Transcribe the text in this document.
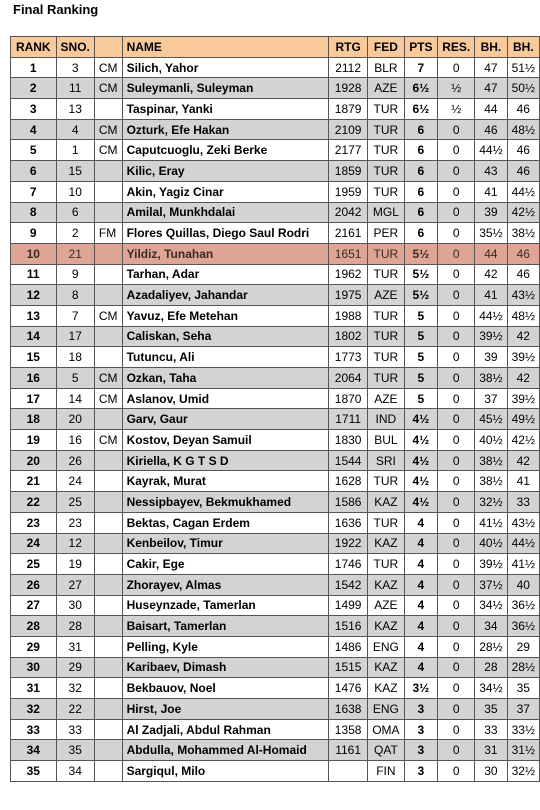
Final Ranking
RANK	SNO.		NAME	RTG	FED	PTS	RES.	BH.	BH.
1	3	CM	Silich, Yahor	2112	BLR	7	0	47	51½
2	11	CM	Suleymanli, Suleyman	1928	AZE	6½	½	47	50½
3	13		Taspinar, Yanki	1879	TUR	6½	½	44	46
4	4	CM	Ozturk, Efe Hakan	2109	TUR	6	0	46	48½
5	1	CM	Caputcuoglu, Zeki Berke	2177	TUR	6	0	44½	46
6	15		Kilic, Eray	1859	TUR	6	0	43	46
7	10		Akin, Yagiz Cinar	1959	TUR	6	0	41	44½
8	6		Amilal, Munkhdalai	2042	MGL	6	0	39	42½
9	2	FM	Flores Quillas, Diego Saul Rodri	2161	PER	6	0	35½	38½
10	21		Yildiz, Tunahan	1651	TUR	5½	0	44	46
11	9		Tarhan, Adar	1962	TUR	5½	0	42	46
12	8		Azadaliyev, Jahandar	1975	AZE	5½	0	41	43½
13	7	CM	Yavuz, Efe Metehan	1988	TUR	5	0	44½	48½
14	17		Caliskan, Seha	1802	TUR	5	0	39½	42
15	18		Tutuncu, Ali	1773	TUR	5	0	39	39½
16	5	CM	Ozkan, Taha	2064	TUR	5	0	38½	42
17	14	CM	Aslanov, Umid	1870	AZE	5	0	37	39½
18	20		Garv, Gaur	1711	IND	4½	0	45½	49½
19	16	CM	Kostov, Deyan Samuil	1830	BUL	4½	0	40½	42½
20	26		Kiriella, K G T S D	1544	SRI	4½	0	38½	42
21	24		Kayrak, Murat	1628	TUR	4½	0	38½	41
22	25		Nessipbayev, Bekmukhamed	1586	KAZ	4½	0	32½	33
23	23		Bektas, Cagan Erdem	1636	TUR	4	0	41½	43½
24	12		Kenbeilov, Timur	1922	KAZ	4	0	40½	44½
25	19		Cakir, Ege	1746	TUR	4	0	39½	41½
26	27		Zhorayev, Almas	1542	KAZ	4	0	37½	40
27	30		Huseynzade, Tamerlan	1499	AZE	4	0	34½	36½
28	28		Baisart, Tamerlan	1516	KAZ	4	0	34	36½
29	31		Pelling, Kyle	1486	ENG	4	0	28½	29
30	29		Karibaev, Dimash	1515	KAZ	4	0	28	28½
31	32		Bekbauov, Noel	1476	KAZ	3½	0	34½	35
32	22		Hirst, Joe	1638	ENG	3	0	35	37
33	33		Al Zadjali, Abdul Rahman	1358	OMA	3	0	33	33½
34	35		Abdulla, Mohammed Al-Homaid	1161	QAT	3	0	31	31½
35	34		Sargiqul, Milo		FIN	3	0	30	32½
